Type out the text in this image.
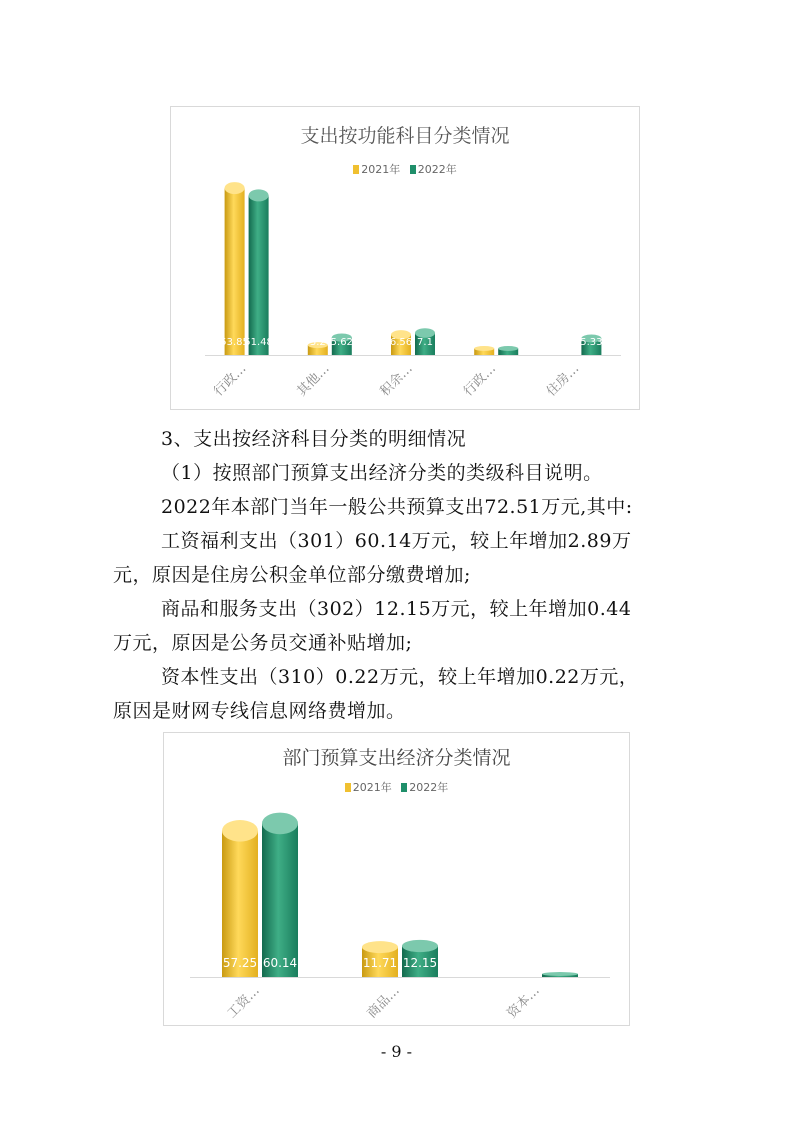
支出按功能科目分类情况
2021年 2022年
53.85
51.48
行政…
3.2 5.62
其他…
6.56 7.1
积余…	行政…
5.33
住房…

3、支出按经济科目分类的明细情况

（1）按照部门预算支出经济分类的类级科目说明。

2022年本部门当年一般公共预算支出72.51万元,其中:

工资福利支出（301）60.14万元，较上年增加2.89万

元，原因是住房公积金单位部分缴费增加;

商品和服务支出（302）12.15万元，较上年增加0.44

万元，原因是公务员交通补贴增加;

资本性支出（310）0.22万元，较上年增加0.22万元，

原因是财网专线信息网络费增加。

部门预算支出经济分类情况
2021年 2022年
57.25 60.14
工资…
11.71 12.15
商品…	资本…
- 9 -
